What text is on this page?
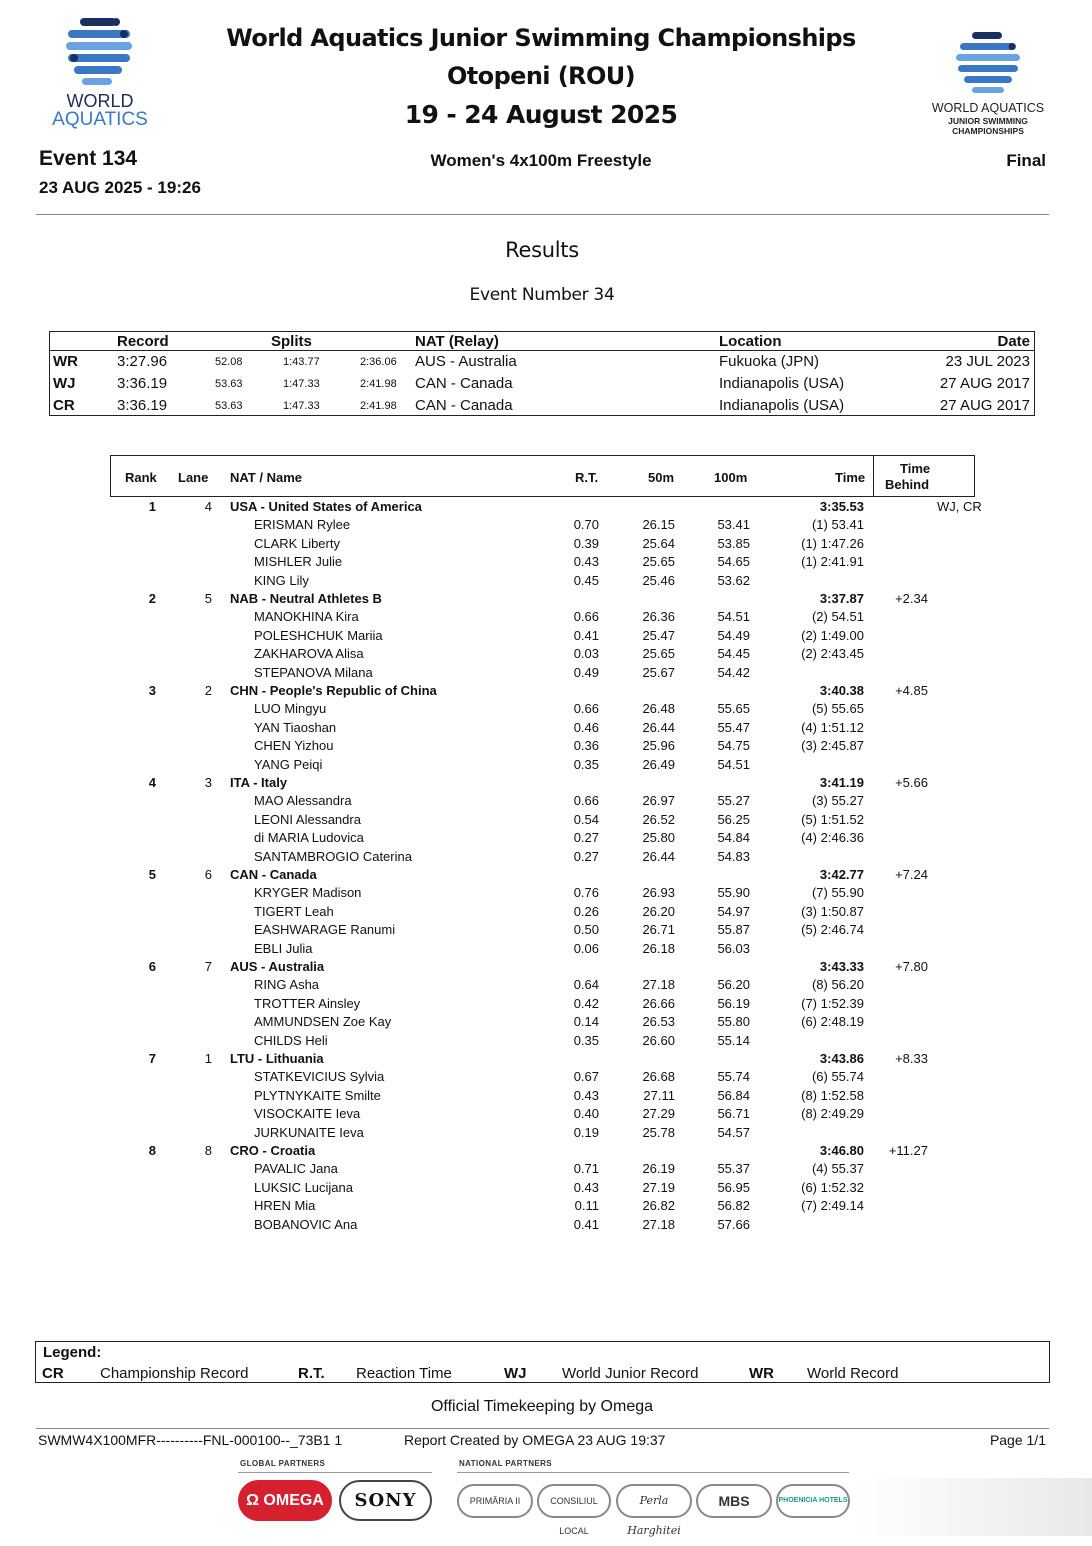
WORLD
AQUATICS
WORLD AQUATICS
JUNIOR SWIMMING
CHAMPIONSHIPS
World Aquatics Junior Swimming Championships
Otopeni (ROU)
19 - 24 August 2025
Event 134
23 AUG 2025 - 19:26
Women's 4x100m Freestyle	Final
Results
Event Number 34
Record	Splits	NAT (Relay)	Location	Date
WR	3:27.96	52.08	1:43.77	2:36.06 AUS - Australia	Fukuoka (JPN)	23 JUL 2023
WJ	3:36.19	53.63	1:47.33	2:41.98 CAN - Canada	Indianapolis (USA)	27 AUG 2017
CR	3:36.19	53.63	1:47.33	2:41.98 CAN - Canada	Indianapolis (USA)	27 AUG 2017
Rank Lane NAT / Name	R.T.	50m	100m	Time
Time
Behind
1	4 USA - United States of America	3:35.53	WJ, CR
ERISMAN Rylee	0.70	26.15	53.41	(1) 53.41
CLARK Liberty	0.39	25.64	53.85	(1) 1:47.26
MISHLER Julie	0.43	25.65	54.65	(1) 2:41.91
KING Lily	0.45	25.46	53.62
2	5 NAB - Neutral Athletes B	3:37.87	+2.34
MANOKHINA Kira	0.66	26.36	54.51	(2) 54.51
POLESHCHUK Mariia	0.41	25.47	54.49	(2) 1:49.00
ZAKHAROVA Alisa	0.03	25.65	54.45	(2) 2:43.45
STEPANOVA Milana	0.49	25.67	54.42
3	2 CHN - People's Republic of China	3:40.38	+4.85
LUO Mingyu	0.66	26.48	55.65	(5) 55.65
YAN Tiaoshan	0.46	26.44	55.47	(4) 1:51.12
CHEN Yizhou	0.36	25.96	54.75	(3) 2:45.87
YANG Peiqi	0.35	26.49	54.51
4	3 ITA - Italy	3:41.19	+5.66
MAO Alessandra	0.66	26.97	55.27	(3) 55.27
LEONI Alessandra	0.54	26.52	56.25	(5) 1:51.52
di MARIA Ludovica	0.27	25.80	54.84	(4) 2:46.36
SANTAMBROGIO Caterina	0.27	26.44	54.83
5	6 CAN - Canada	3:42.77	+7.24
KRYGER Madison	0.76	26.93	55.90	(7) 55.90
TIGERT Leah	0.26	26.20	54.97	(3) 1:50.87
EASHWARAGE Ranumi	0.50	26.71	55.87	(5) 2:46.74
EBLI Julia	0.06	26.18	56.03
6	7 AUS - Australia	3:43.33	+7.80
RING Asha	0.64	27.18	56.20	(8) 56.20
TROTTER Ainsley	0.42	26.66	56.19	(7) 1:52.39
AMMUNDSEN Zoe Kay	0.14	26.53	55.80	(6) 2:48.19
CHILDS Heli	0.35	26.60	55.14
7	1 LTU - Lithuania	3:43.86	+8.33
STATKEVICIUS Sylvia	0.67	26.68	55.74	(6) 55.74
PLYTNYKAITE Smilte	0.43	27.11	56.84	(8) 1:52.58
VISOCKAITE Ieva	0.40	27.29	56.71	(8) 2:49.29
JURKUNAITE Ieva	0.19	25.78	54.57
8	8 CRO - Croatia	3:46.80	+11.27
PAVALIC Jana	0.71	26.19	55.37	(4) 55.37
LUKSIC Lucijana	0.43	27.19	56.95	(6) 1:52.32
HREN Mia	0.11	26.82	56.82	(7) 2:49.14
BOBANOVIC Ana	0.41	27.18	57.66
Legend:
CR Championship Record	R.T. Reaction Time	WJ World Junior Record	WR World Record
Official Timekeeping by Omega
SWMW4X100MFR----------FNL-000100--_73B1 1	Report Created by OMEGA 23 AUG 19:37	Page 1/1
GLOBAL PARTNERS	NATIONAL PARTNERS
Ω OMEGA	SONY	PRIMĂRIA II	CONSILIUL LOCAL
Perla Harghitei
MBS	PHOENICIA HOTELS
